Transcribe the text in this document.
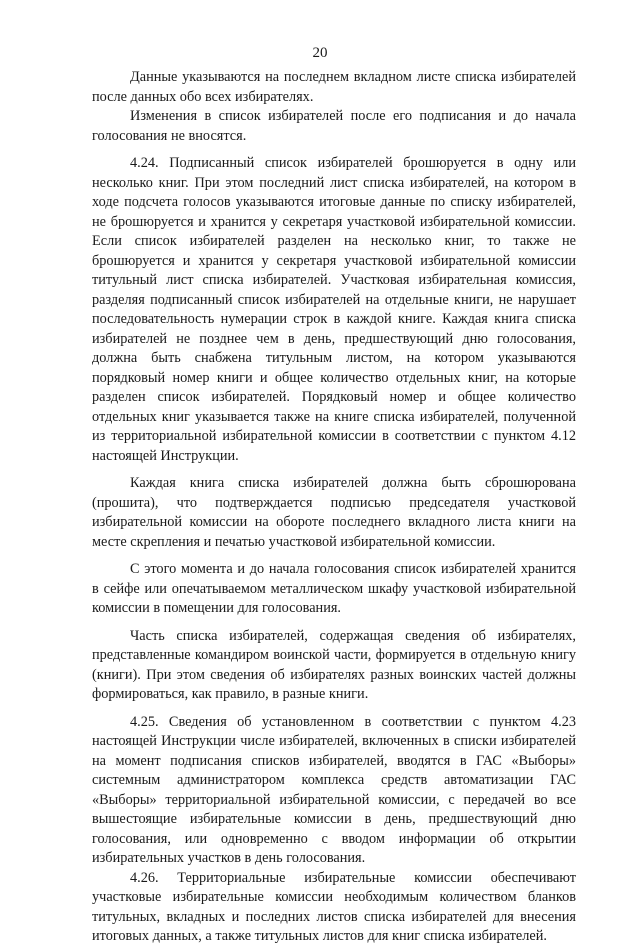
20

Данные указываются на последнем вкладном листе списка избирателей после данных обо всех избирателях.

Изменения в список избирателей после его подписания и до начала голосования не вносятся.

4.24. Подписанный список избирателей брошюруется в одну или несколько книг. При этом последний лист списка избирателей, на котором в ходе подсчета голосов указываются итоговые данные по списку избирателей, не брошюруется и хранится у секретаря участковой избирательной комиссии. Если список избирателей разделен на несколько книг, то также не брошюруется и хранится у секретаря участковой избирательной комиссии титульный лист списка избирателей. Участковая избирательная комиссия, разделяя подписанный список избирателей на отдельные книги, не нарушает последовательность нумерации строк в каждой книге. Каждая книга списка избирателей не позднее чем в день, предшествующий дню голосования, должна быть снабжена титульным листом, на котором указываются порядковый номер книги и общее количество отдельных книг, на которые разделен список избирателей. Порядковый номер и общее количество отдельных книг указывается также на книге списка избирателей, полученной из территориальной избирательной комиссии в соответствии с пунктом 4.12 настоящей Инструкции.

Каждая книга списка избирателей должна быть сброшюрована (прошита), что подтверждается подписью председателя участковой избирательной комиссии на обороте последнего вкладного листа книги на месте скрепления и печатью участковой избирательной комиссии.

С этого момента и до начала голосования список избирателей хранится в сейфе или опечатываемом металлическом шкафу участковой избирательной комиссии в помещении для голосования.

Часть списка избирателей, содержащая сведения об избирателях, представленные командиром воинской части, формируется в отдельную книгу (книги). При этом сведения об избирателях разных воинских частей должны формироваться, как правило, в разные книги.

4.25. Сведения об установленном в соответствии с пунктом 4.23 настоящей Инструкции числе избирателей, включенных в списки избирателей на момент подписания списков избирателей, вводятся в ГАС «Выборы» системным администратором комплекса средств автоматизации ГАС «Выборы» территориальной избирательной комиссии, с передачей во все вышестоящие избирательные комиссии в день, предшествующий дню голосования, или одновременно с вводом информации об открытии избирательных участков в день голосования.

4.26. Территориальные избирательные комиссии обеспечивают участковые избирательные комиссии необходимым количеством бланков титульных, вкладных и последних листов списка избирателей для внесения итоговых данных, а также титульных листов для книг списка избирателей.
